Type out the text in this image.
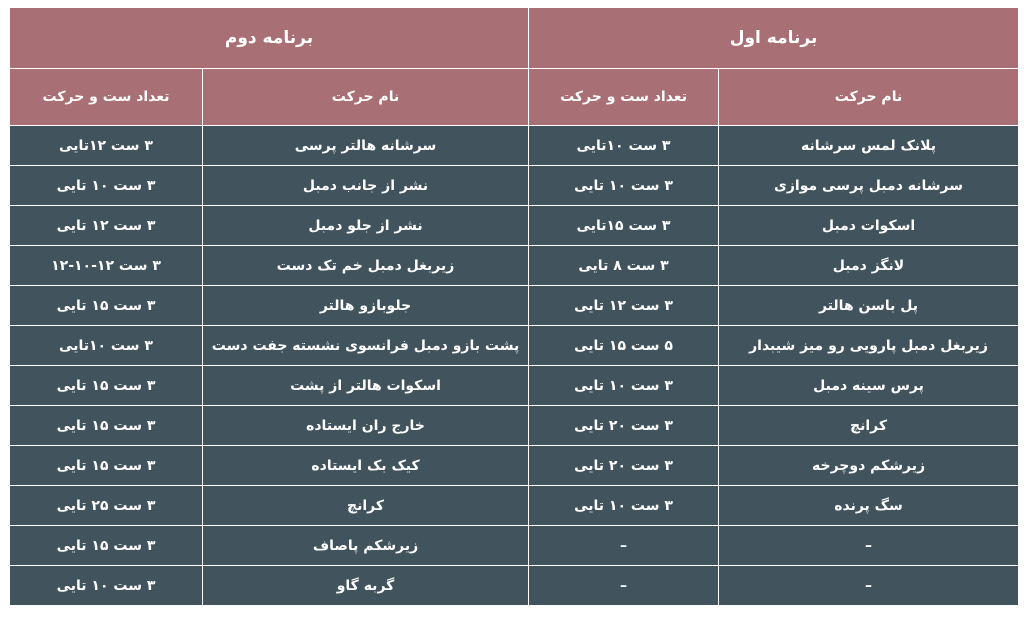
برنامه دوم		برنامه اول	
تعداد ست و حرکت	نام حرکت	تعداد ست و حرکت	نام حرکت
۳ ست ۱۲تایی	سرشانه هالتر پرسی	۳ ست ۱۰تایی	پلانک لمس سرشانه
۳ ست ۱۰ تایی	نشر از جانب دمبل	۳ ست ۱۰ تایی	سرشانه دمبل پرسی موازی
۳ ست ۱۲ تایی	نشر از جلو دمبل	۳ ست ۱۵تایی	اسکوات دمبل
۳ ست ۱۲-۱۰-۱۲	زیربغل دمبل خم تک دست	۳ ست ۸ تایی	لانگز دمبل
۳ ست ۱۵ تایی	جلوبازو هالتر	۳ ست ۱۲ تایی	پل باسن هالتر
۳ ست ۱۰تایی	پشت بازو دمبل فرانسوی نشسته جفت دست	۵ ست ۱۵ تایی	زیربغل دمبل پارویی رو میز شیبدار
۳ ست ۱۵ تایی	اسکوات هالتر از پشت	۳ ست ۱۰ تایی	پرس سینه دمبل
۳ ست ۱۵ تایی	خارج ران ایستاده	۳ ست ۲۰ تایی	کرانچ
۳ ست ۱۵ تایی	کیک بک ایستاده	۳ ست ۲۰ تایی	زیرشکم دوچرخه
۳ ست ۲۵ تایی	کرانچ	۳ ست ۱۰ تایی	سگ پرنده
۳ ست ۱۵ تایی	زیرشکم پاصاف	–	–
۳ ست ۱۰ تایی	گربه گاو	–	–
